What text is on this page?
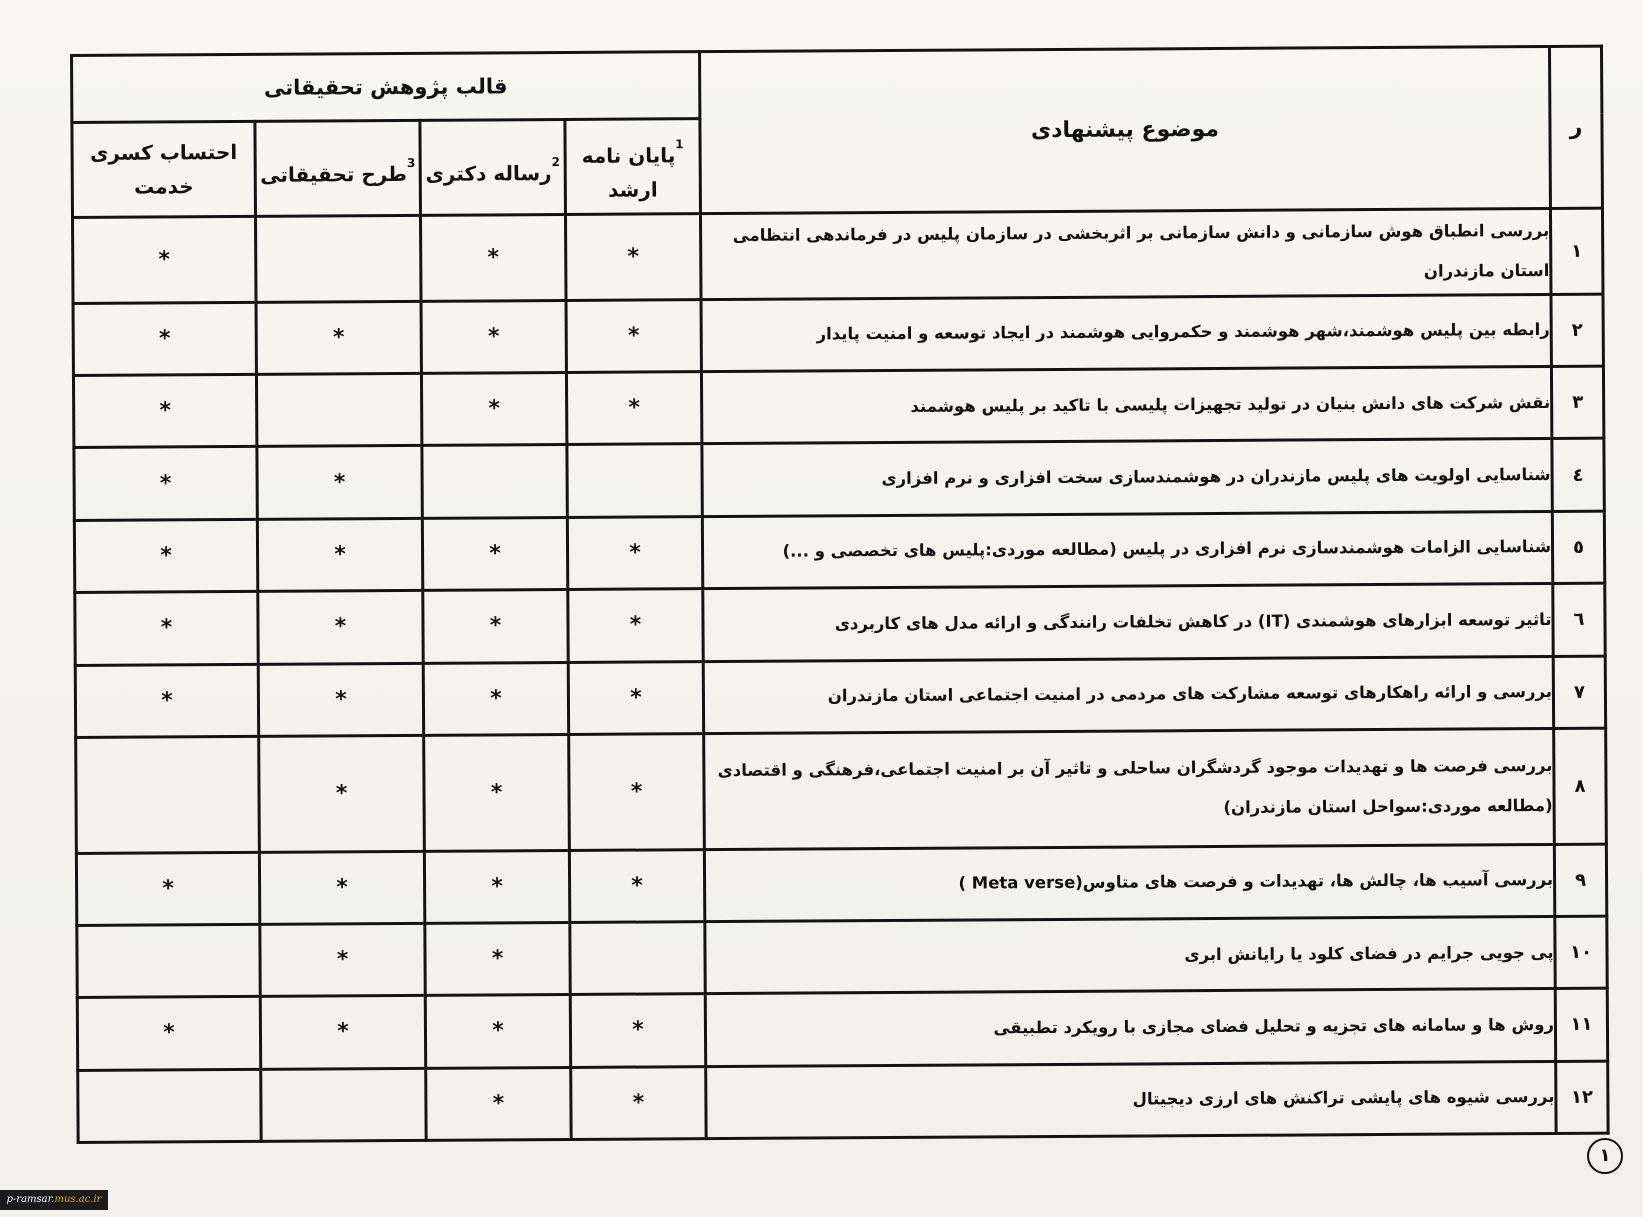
ر	موضوع پیشنهادی	قالب پژوهش تحقیقاتی			
		$^1$پایان نامه ارشد	$^2$رساله دکتری	$^3$طرح تحقیقاتی	احتساب کسری خدمت
۱	بررسی انطباق هوش سازمانی و دانش سازمانی بر اثربخشی در سازمان پلیس در فرماندهی انتظامی استان مازندران	*	*		*
۲	رابطه بین پلیس هوشمند،شهر هوشمند و حکمروایی هوشمند در ایجاد توسعه و امنیت پایدار	*	*	*	*
۳	نقش شرکت های دانش بنیان در تولید تجهیزات پلیسی با تاکید بر پلیس هوشمند	*	*		*
٤	شناسایی اولویت های پلیس مازندران در هوشمندسازی سخت افزاری و نرم افزاری			*	*
٥	شناسایی الزامات هوشمندسازی نرم افزاری در پلیس (مطالعه موردی:پلیس های تخصصی و ...)	*	*	*	*
٦	تاثیر توسعه ابزارهای هوشمندی (IT) در کاهش تخلفات رانندگی و ارائه مدل های کاربردی	*	*	*	*
۷	بررسی و ارائه راهکارهای توسعه مشارکت های مردمی در امنیت اجتماعی استان مازندران	*	*	*	*
۸	بررسی فرصت ها و تهدیدات موجود گردشگران ساحلی و تاثیر آن بر امنیت اجتماعی،فرهنگی و اقتصادی (مطالعه موردی:سواحل استان مازندران)	*	*	*	
۹	بررسی آسیب ها، چالش ها، تهدیدات و فرصت های متاوس(Meta verse )	*	*	*	*
۱۰	پی جویی جرایم در فضای کلود یا رایانش ابری		*	*	
۱۱	روش ها و سامانه های تجزیه و تحلیل فضای مجازی با رویکرد تطبیقی	*	*	*	*
۱۲	بررسی شیوه های پایشی تراکنش های ارزی دیجیتال	*	*		
۱
p-ramsar.mus.ac.ir
